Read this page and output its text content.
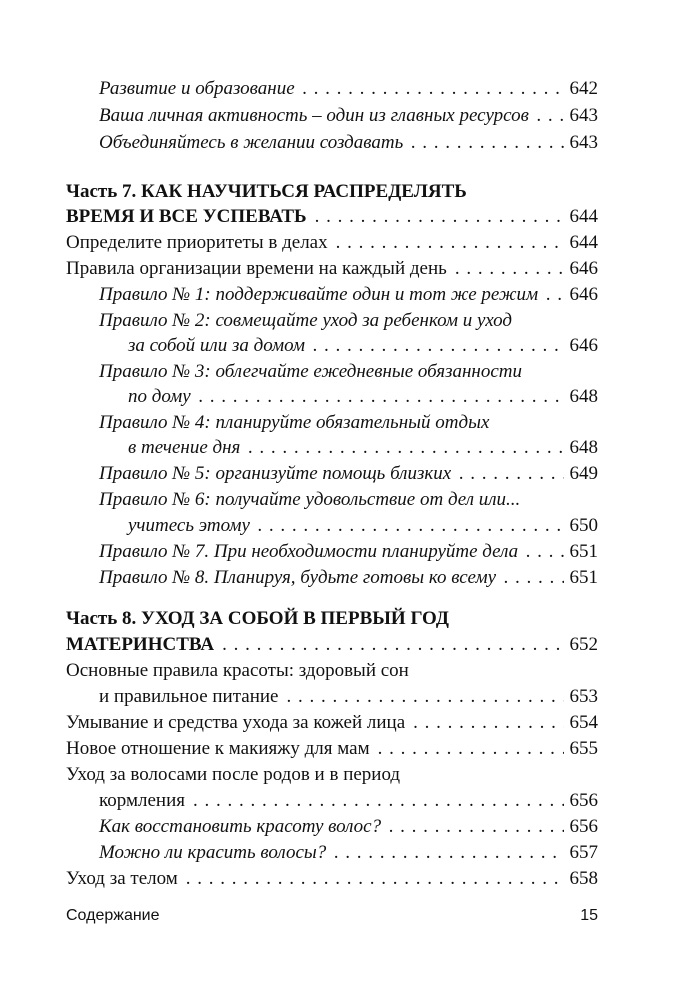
Развитие и образование . . .	642
Ваша личная активность – один из главных ресурсов . . . 643
Объединяйтесь в желании создавать . . .	643
Часть 7. КАК НАУЧИТЬСЯ РАСПРЕДЕЛЯТЬ
ВРЕМЯ И ВСЕ УСПЕВАТЬ . . .	644
Определите приоритеты в делах . . .	644
Правила организации времени на каждый день . . .	646
Правило № 1: поддерживайте один и тот же режим . . . 646
Правило № 2: совмещайте уход за ребенком и уход
за собой или за домом . . .	646
Правило № 3: облегчайте ежедневные обязанности
по дому . . .	648
Правило № 4: планируйте обязательный отдых
в течение дня . . .	648
Правило № 5: организуйте помощь близких . . .	649
Правило № 6: получайте удовольствие от дел или...
учитесь этому . . .	650
Правило № 7. При необходимости планируйте дела . . .	651
Правило № 8. Планируя, будьте готовы ко всему . . .	651
Часть 8. УХОД ЗА СОБОЙ В ПЕРВЫЙ ГОД
МАТЕРИНСТВА . . .	652
Основные правила красоты: здоровый сон
и правильное питание . . .	653
Умывание и средства ухода за кожей лица . . .	654
Новое отношение к макияжу для мам . . .	655
Уход за волосами после родов и в период
кормления . . .	656
Как восстановить красоту волос? . . .	656
Можно ли красить волосы? . . .	657
Уход за телом . . .	658
Содержание	15
